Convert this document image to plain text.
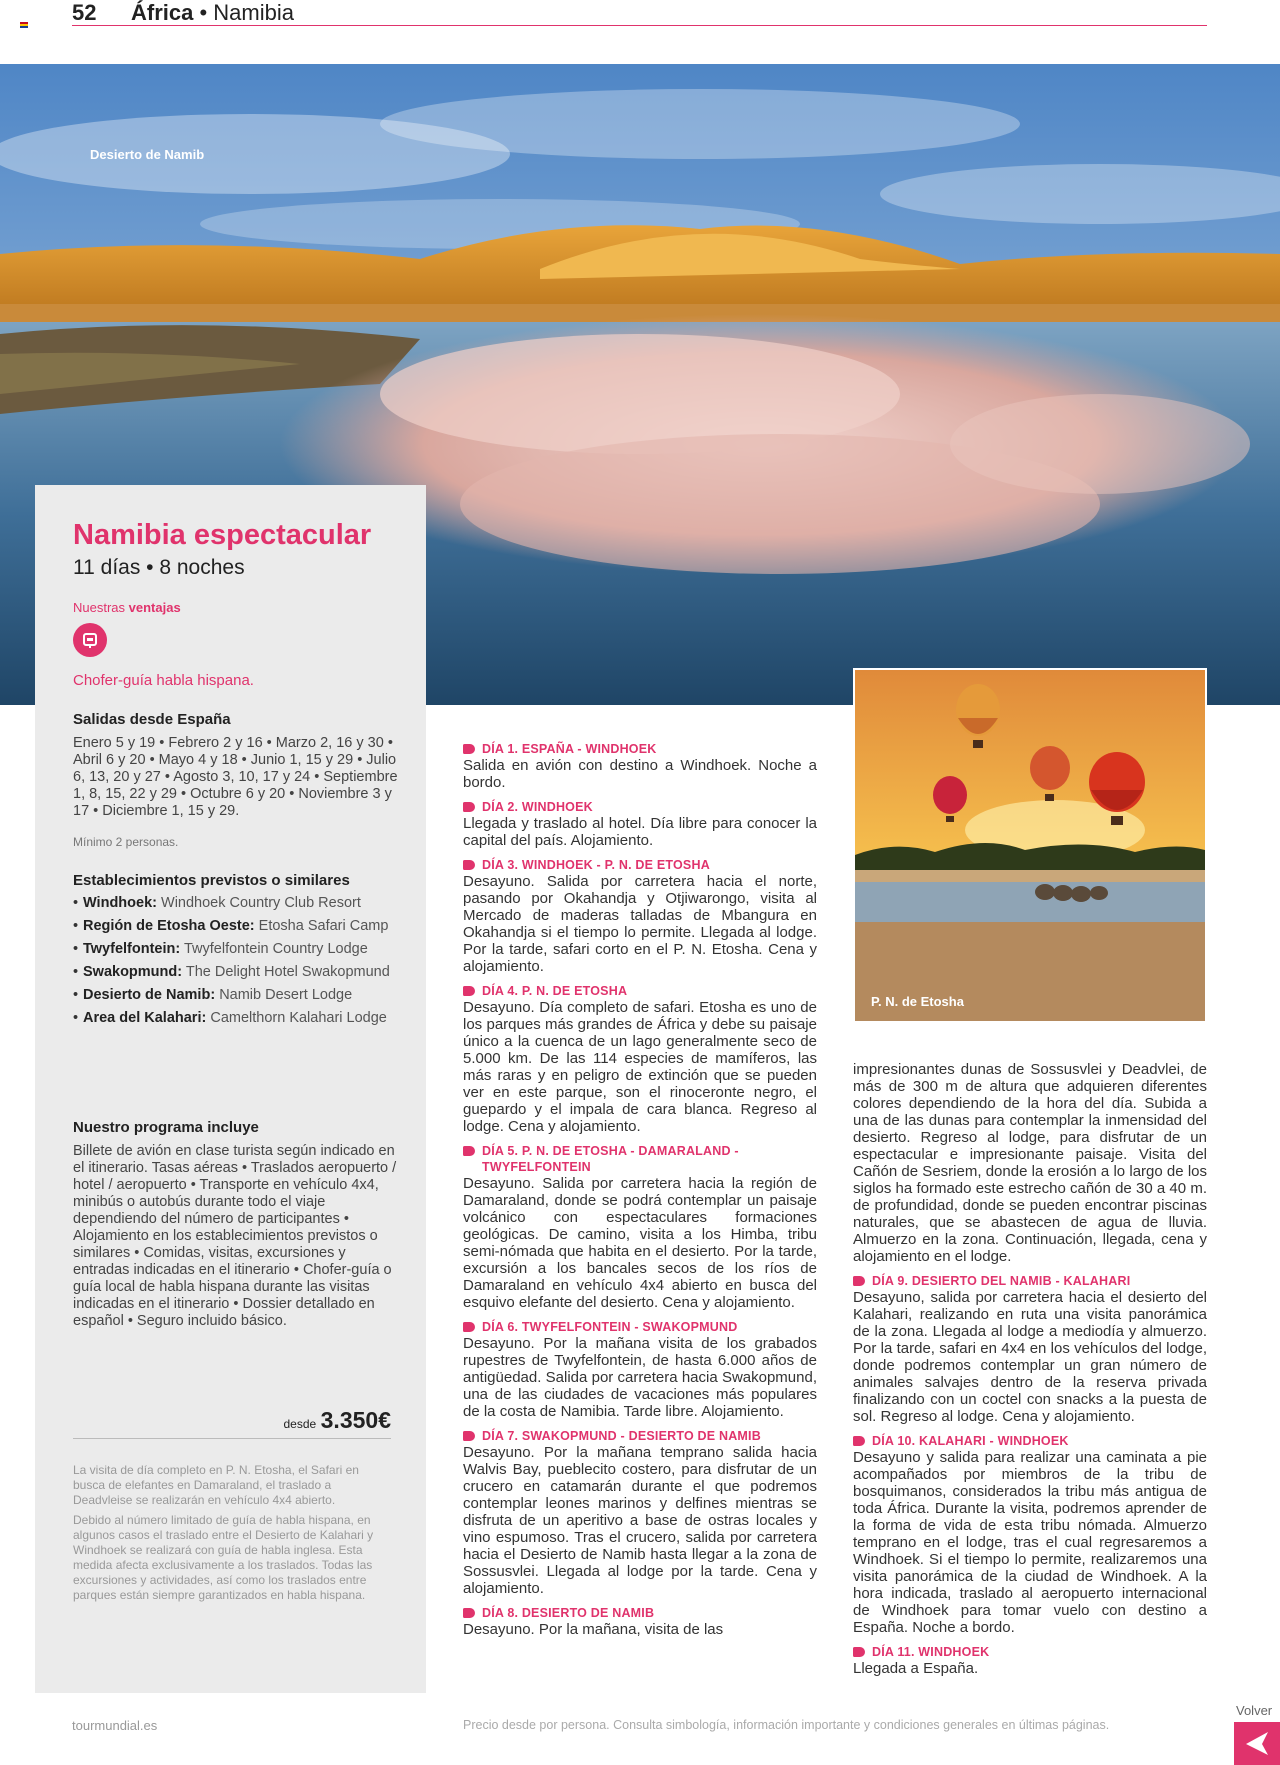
52 África • Namibia
Desierto de Namib
Namibia espectacular
11 días • 8 noches
Nuestras ventajas
Chofer-guía habla hispana.
Salidas desde España
Enero 5 y 19 • Febrero 2 y 16 • Marzo 2, 16 y 30 • Abril 6 y 20 • Mayo 4 y 18 • Junio 1, 15 y 29 • Julio 6, 13, 20 y 27 • Agosto 3, 10, 17 y 24 • Septiembre 1, 8, 15, 22 y 29 • Octubre 6 y 20 • Noviembre 3 y 17 • Diciembre 1, 15 y 29.
Mínimo 2 personas.
Establecimientos previstos o similares
• Windhoek: Windhoek Country Club Resort
• Región de Etosha Oeste: Etosha Safari Camp
• Twyfelfontein: Twyfelfontein Country Lodge
• Swakopmund: The Delight Hotel Swakopmund
• Desierto de Namib: Namib Desert Lodge
• Area del Kalahari: Camelthorn Kalahari Lodge
Nuestro programa incluye
Billete de avión en clase turista según indicado en el itinerario. Tasas aéreas • Traslados aeropuerto / hotel / aeropuerto • Transporte en vehículo 4x4, minibús o autobús durante todo el viaje dependiendo del número de participantes • Alojamiento en los establecimientos previstos o similares • Comidas, visitas, excursiones y entradas indicadas en el itinerario • Chofer-guía o guía local de habla hispana durante las visitas indicadas en el itinerario • Dossier detallado en español • Seguro incluido básico.
desde 3.350€
La visita de día completo en P. N. Etosha, el Safari en busca de elefantes en Damaraland, el traslado a Deadvleise se realizarán en vehículo 4x4 abierto.
Debido al número limitado de guía de habla hispana, en algunos casos el traslado entre el Desierto de Kalahari y Windhoek se realizará con guía de habla inglesa. Esta medida afecta exclusivamente a los traslados. Todas las excursiones y actividades, así como los traslados entre parques están siempre garantizados en habla hispana.
DÍA 1. ESPAÑA - WINDHOEK

Salida en avión con destino a Windhoek. Noche a bordo.

DÍA 2. WINDHOEK

Llegada y traslado al hotel. Día libre para conocer la capital del país. Alojamiento.

DÍA 3. WINDHOEK - P. N. DE ETOSHA

Desayuno. Salida por carretera hacia el norte, pasando por Okahandja y Otjiwarongo, visita al Mercado de maderas talladas de Mbangura en Okahandja si el tiempo lo permite. Llegada al lodge. Por la tarde, safari corto en el P. N. Etosha. Cena y alojamiento.

DÍA 4. P. N. DE ETOSHA

Desayuno. Día completo de safari. Etosha es uno de los parques más grandes de África y debe su paisaje único a la cuenca de un lago generalmente seco de 5.000 km. De las 114 especies de mamíferos, las más raras y en peligro de extinción que se pueden ver en este parque, son el rinoceronte negro, el guepardo y el impala de cara blanca. Regreso al lodge. Cena y alojamiento.

DÍA 5. P. N. DE ETOSHA - DAMARALAND - TWYFELFONTEIN

Desayuno. Salida por carretera hacia la región de Damaraland, donde se podrá contemplar un paisaje volcánico con espectaculares formaciones geológicas. De camino, visita a los Himba, tribu semi-nómada que habita en el desierto. Por la tarde, excursión a los bancales secos de los ríos de Damaraland en vehículo 4x4 abierto en busca del esquivo elefante del desierto. Cena y alojamiento.

DÍA 6. TWYFELFONTEIN - SWAKOPMUND

Desayuno. Por la mañana visita de los grabados rupestres de Twyfelfontein, de hasta 6.000 años de antigüedad. Salida por carretera hacia Swakopmund, una de las ciudades de vacaciones más populares de la costa de Namibia. Tarde libre. Alojamiento.

DÍA 7. SWAKOPMUND - DESIERTO DE NAMIB

Desayuno. Por la mañana temprano salida hacia Walvis Bay, pueblecito costero, para disfrutar de un crucero en catamarán durante el que podremos contemplar leones marinos y delfines mientras se disfruta de un aperitivo a base de ostras locales y vino espumoso. Tras el crucero, salida por carretera hacia el Desierto de Namib hasta llegar a la zona de Sossusvlei. Llegada al lodge por la tarde. Cena y alojamiento.

DÍA 8. DESIERTO DE NAMIB

Desayuno. Por la mañana, visita de las

P. N. de Etosha

impresionantes dunas de Sossusvlei y Deadvlei, de más de 300 m de altura que adquieren diferentes colores dependiendo de la hora del día. Subida a una de las dunas para contemplar la inmensidad del desierto. Regreso al lodge, para disfrutar de un espectacular e impresionante paisaje. Visita del Cañón de Sesriem, donde la erosión a lo largo de los siglos ha formado este estrecho cañón de 30 a 40 m. de profundidad, donde se pueden encontrar piscinas naturales, que se abastecen de agua de lluvia. Almuerzo en la zona. Continuación, llegada, cena y alojamiento en el lodge.

DÍA 9. DESIERTO DEL NAMIB - KALAHARI

Desayuno, salida por carretera hacia el desierto del Kalahari, realizando en ruta una visita panorámica de la zona. Llegada al lodge a mediodía y almuerzo. Por la tarde, safari en 4x4 en los vehículos del lodge, donde podremos contemplar un gran número de animales salvajes dentro de la reserva privada finalizando con un coctel con snacks a la puesta de sol. Regreso al lodge. Cena y alojamiento.

DÍA 10. KALAHARI - WINDHOEK

Desayuno y salida para realizar una caminata a pie acompañados por miembros de la tribu de bosquimanos, considerados la tribu más antigua de toda África. Durante la visita, podremos aprender de la forma de vida de esta tribu nómada. Almuerzo temprano en el lodge, tras el cual regresaremos a Windhoek. Si el tiempo lo permite, realizaremos una visita panorámica de la ciudad de Windhoek. A la hora indicada, traslado al aeropuerto internacional de Windhoek para tomar vuelo con destino a España. Noche a bordo.

DÍA 11. WINDHOEK

Llegada a España.

tourmundial.es	Precio desde por persona. Consulta simbología, información importante y condiciones generales en últimas páginas.
Volver
